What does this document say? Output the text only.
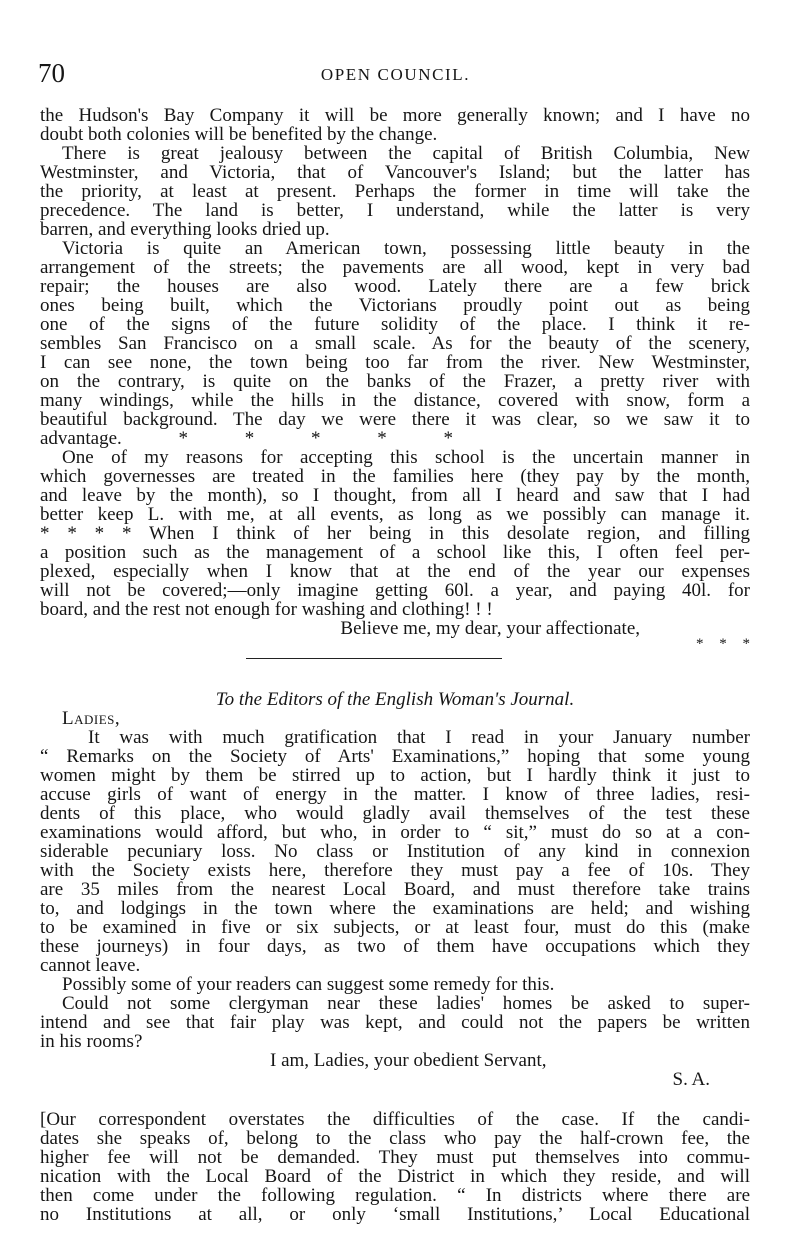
70	OPEN COUNCIL.
the Hudson's Bay Company it will be more generally known; and I have no
doubt both colonies will be benefited by the change.
There is great jealousy between the capital of British Columbia, New
Westminster, and Victoria, that of Vancouver's Island; but the latter has
the priority, at least at present. Perhaps the former in time will take the
precedence. The land is better, I understand, while the latter is very
barren, and everything looks dried up.
Victoria is quite an American town, possessing little beauty in the
arrangement of the streets; the pavements are all wood, kept in very bad
repair; the houses are also wood. Lately there are a few brick
ones being built, which the Victorians proudly point out as being
one of the signs of the future solidity of the place. I think it re-
sembles San Francisco on a small scale. As for the beauty of the scenery,
I can see none, the town being too far from the river. New Westminster,
on the contrary, is quite on the banks of the Frazer, a pretty river with
many windings, while the hills in the distance, covered with snow, form a
beautiful background. The day we were there it was clear, so we saw it to
advantage. * * * * *
One of my reasons for accepting this school is the uncertain manner in
which governesses are treated in the families here (they pay by the month,
and leave by the month), so I thought, from all I heard and saw that I had
better keep L. with me, at all events, as long as we possibly can manage it.
* * * * When I think of her being in this desolate region, and filling
a position such as the management of a school like this, I often feel per-
plexed, especially when I know that at the end of the year our expenses
will not be covered;—only imagine getting 60l. a year, and paying 40l. for
board, and the rest not enough for washing and clothing! ! !
Believe me, my dear, your affectionate,
* * *
To the Editors of the English Woman's Journal.
Ladies,
It was with much gratification that I read in your January number
“ Remarks on the Society of Arts' Examinations,” hoping that some young
women might by them be stirred up to action, but I hardly think it just to
accuse girls of want of energy in the matter. I know of three ladies, resi-
dents of this place, who would gladly avail themselves of the test these
examinations would afford, but who, in order to “ sit,” must do so at a con-
siderable pecuniary loss. No class or Institution of any kind in connexion
with the Society exists here, therefore they must pay a fee of 10s. They
are 35 miles from the nearest Local Board, and must therefore take trains
to, and lodgings in the town where the examinations are held; and wishing
to be examined in five or six subjects, or at least four, must do this (make
these journeys) in four days, as two of them have occupations which they
cannot leave.
Possibly some of your readers can suggest some remedy for this.
Could not some clergyman near these ladies' homes be asked to super-
intend and see that fair play was kept, and could not the papers be written
in his rooms?
I am, Ladies, your obedient Servant,
S. A.
[Our correspondent overstates the difficulties of the case. If the candi-
dates she speaks of, belong to the class who pay the half-crown fee, the
higher fee will not be demanded. They must put themselves into commu-
nication with the Local Board of the District in which they reside, and will
then come under the following regulation. “ In districts where there are
no Institutions at all, or only ‘small Institutions,’ Local Educational
